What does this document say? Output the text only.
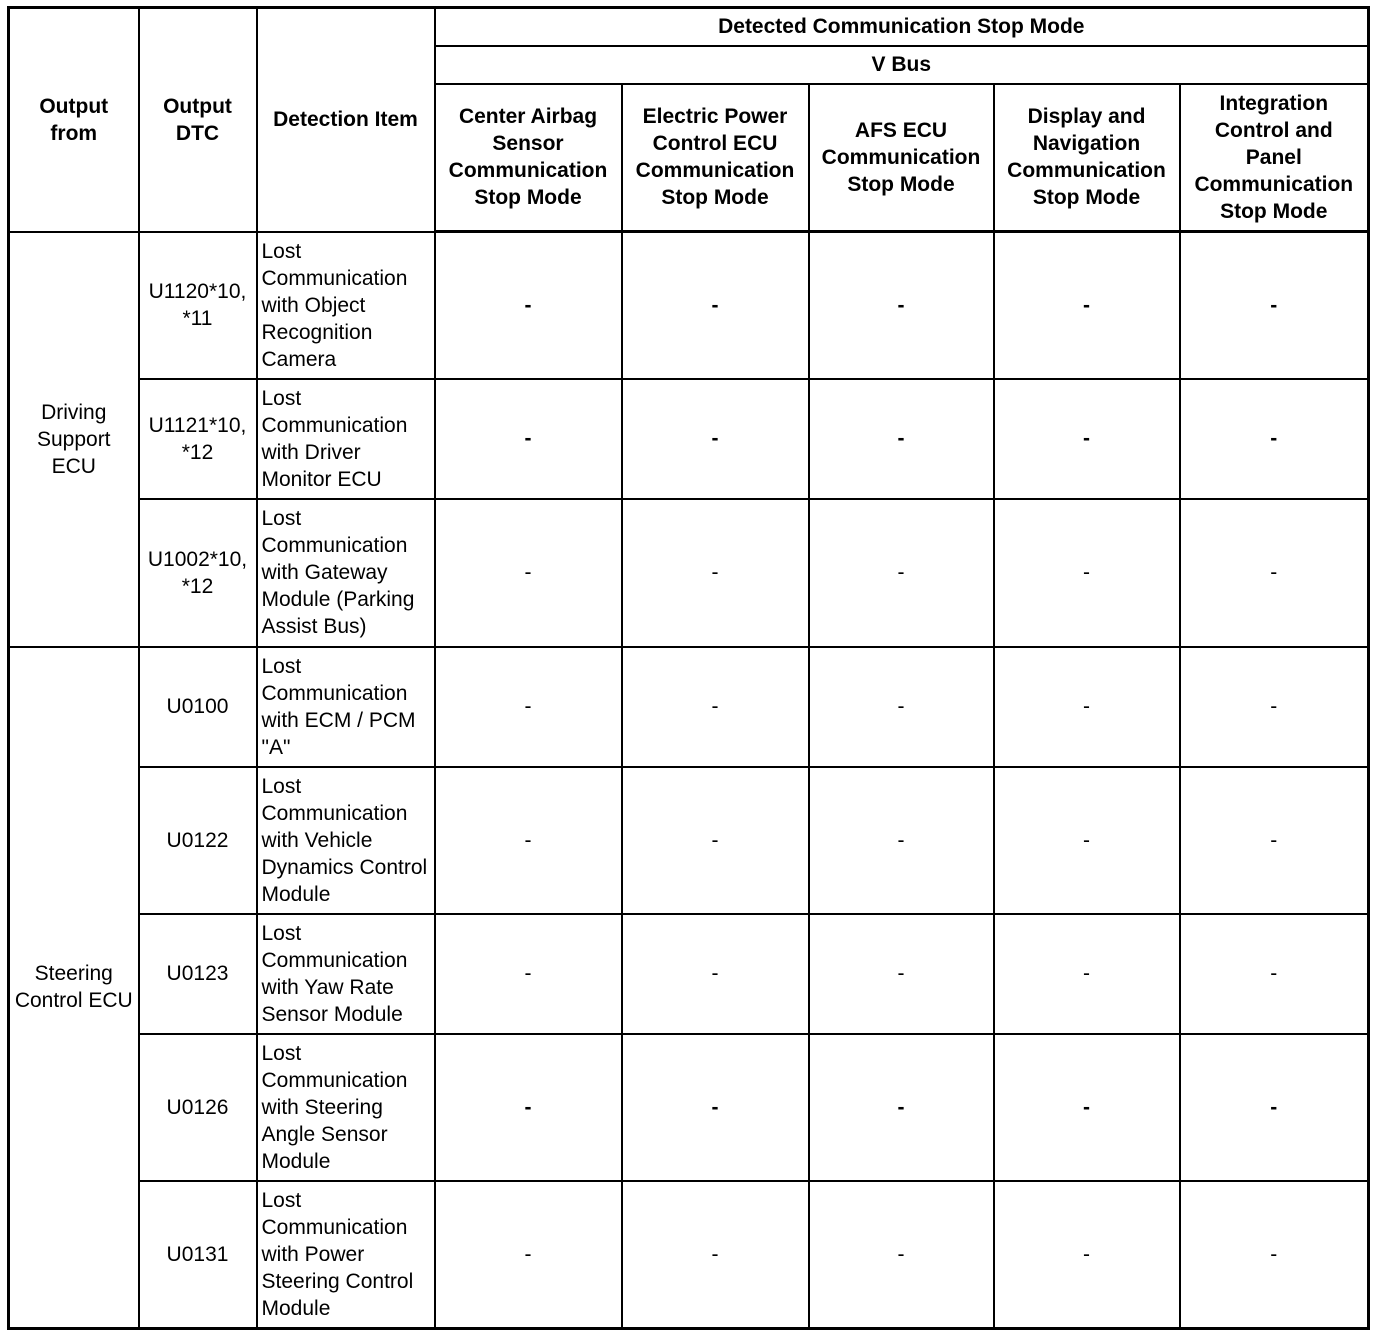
Output from	Output DTC	Detection Item	Detected Communication Stop Mode				
			V Bus				
			Center Airbag Sensor Communication Stop Mode	Electric Power Control ECU Communication Stop Mode	AFS ECU Communication Stop Mode	Display and Navigation Communication Stop Mode	Integration Control and Panel Communication Stop Mode
Driving Support ECU	U1120*10, *11	Lost Communication with Object Recognition Camera	-	-	-	-	-
	U1121*10, *12	Lost Communication with Driver Monitor ECU	-	-	-	-	-
	U1002*10, *12	Lost Communication with Gateway Module (Parking Assist Bus)	-	-	-	-	-
Steering Control ECU	U0100	Lost Communication with ECM / PCM "A"	-	-	-	-	-
	U0122	Lost Communication with Vehicle Dynamics Control Module	-	-	-	-	-
	U0123	Lost Communication with Yaw Rate Sensor Module	-	-	-	-	-
	U0126	Lost Communication with Steering Angle Sensor Module	-	-	-	-	-
	U0131	Lost Communication with Power Steering Control Module	-	-	-	-	-
